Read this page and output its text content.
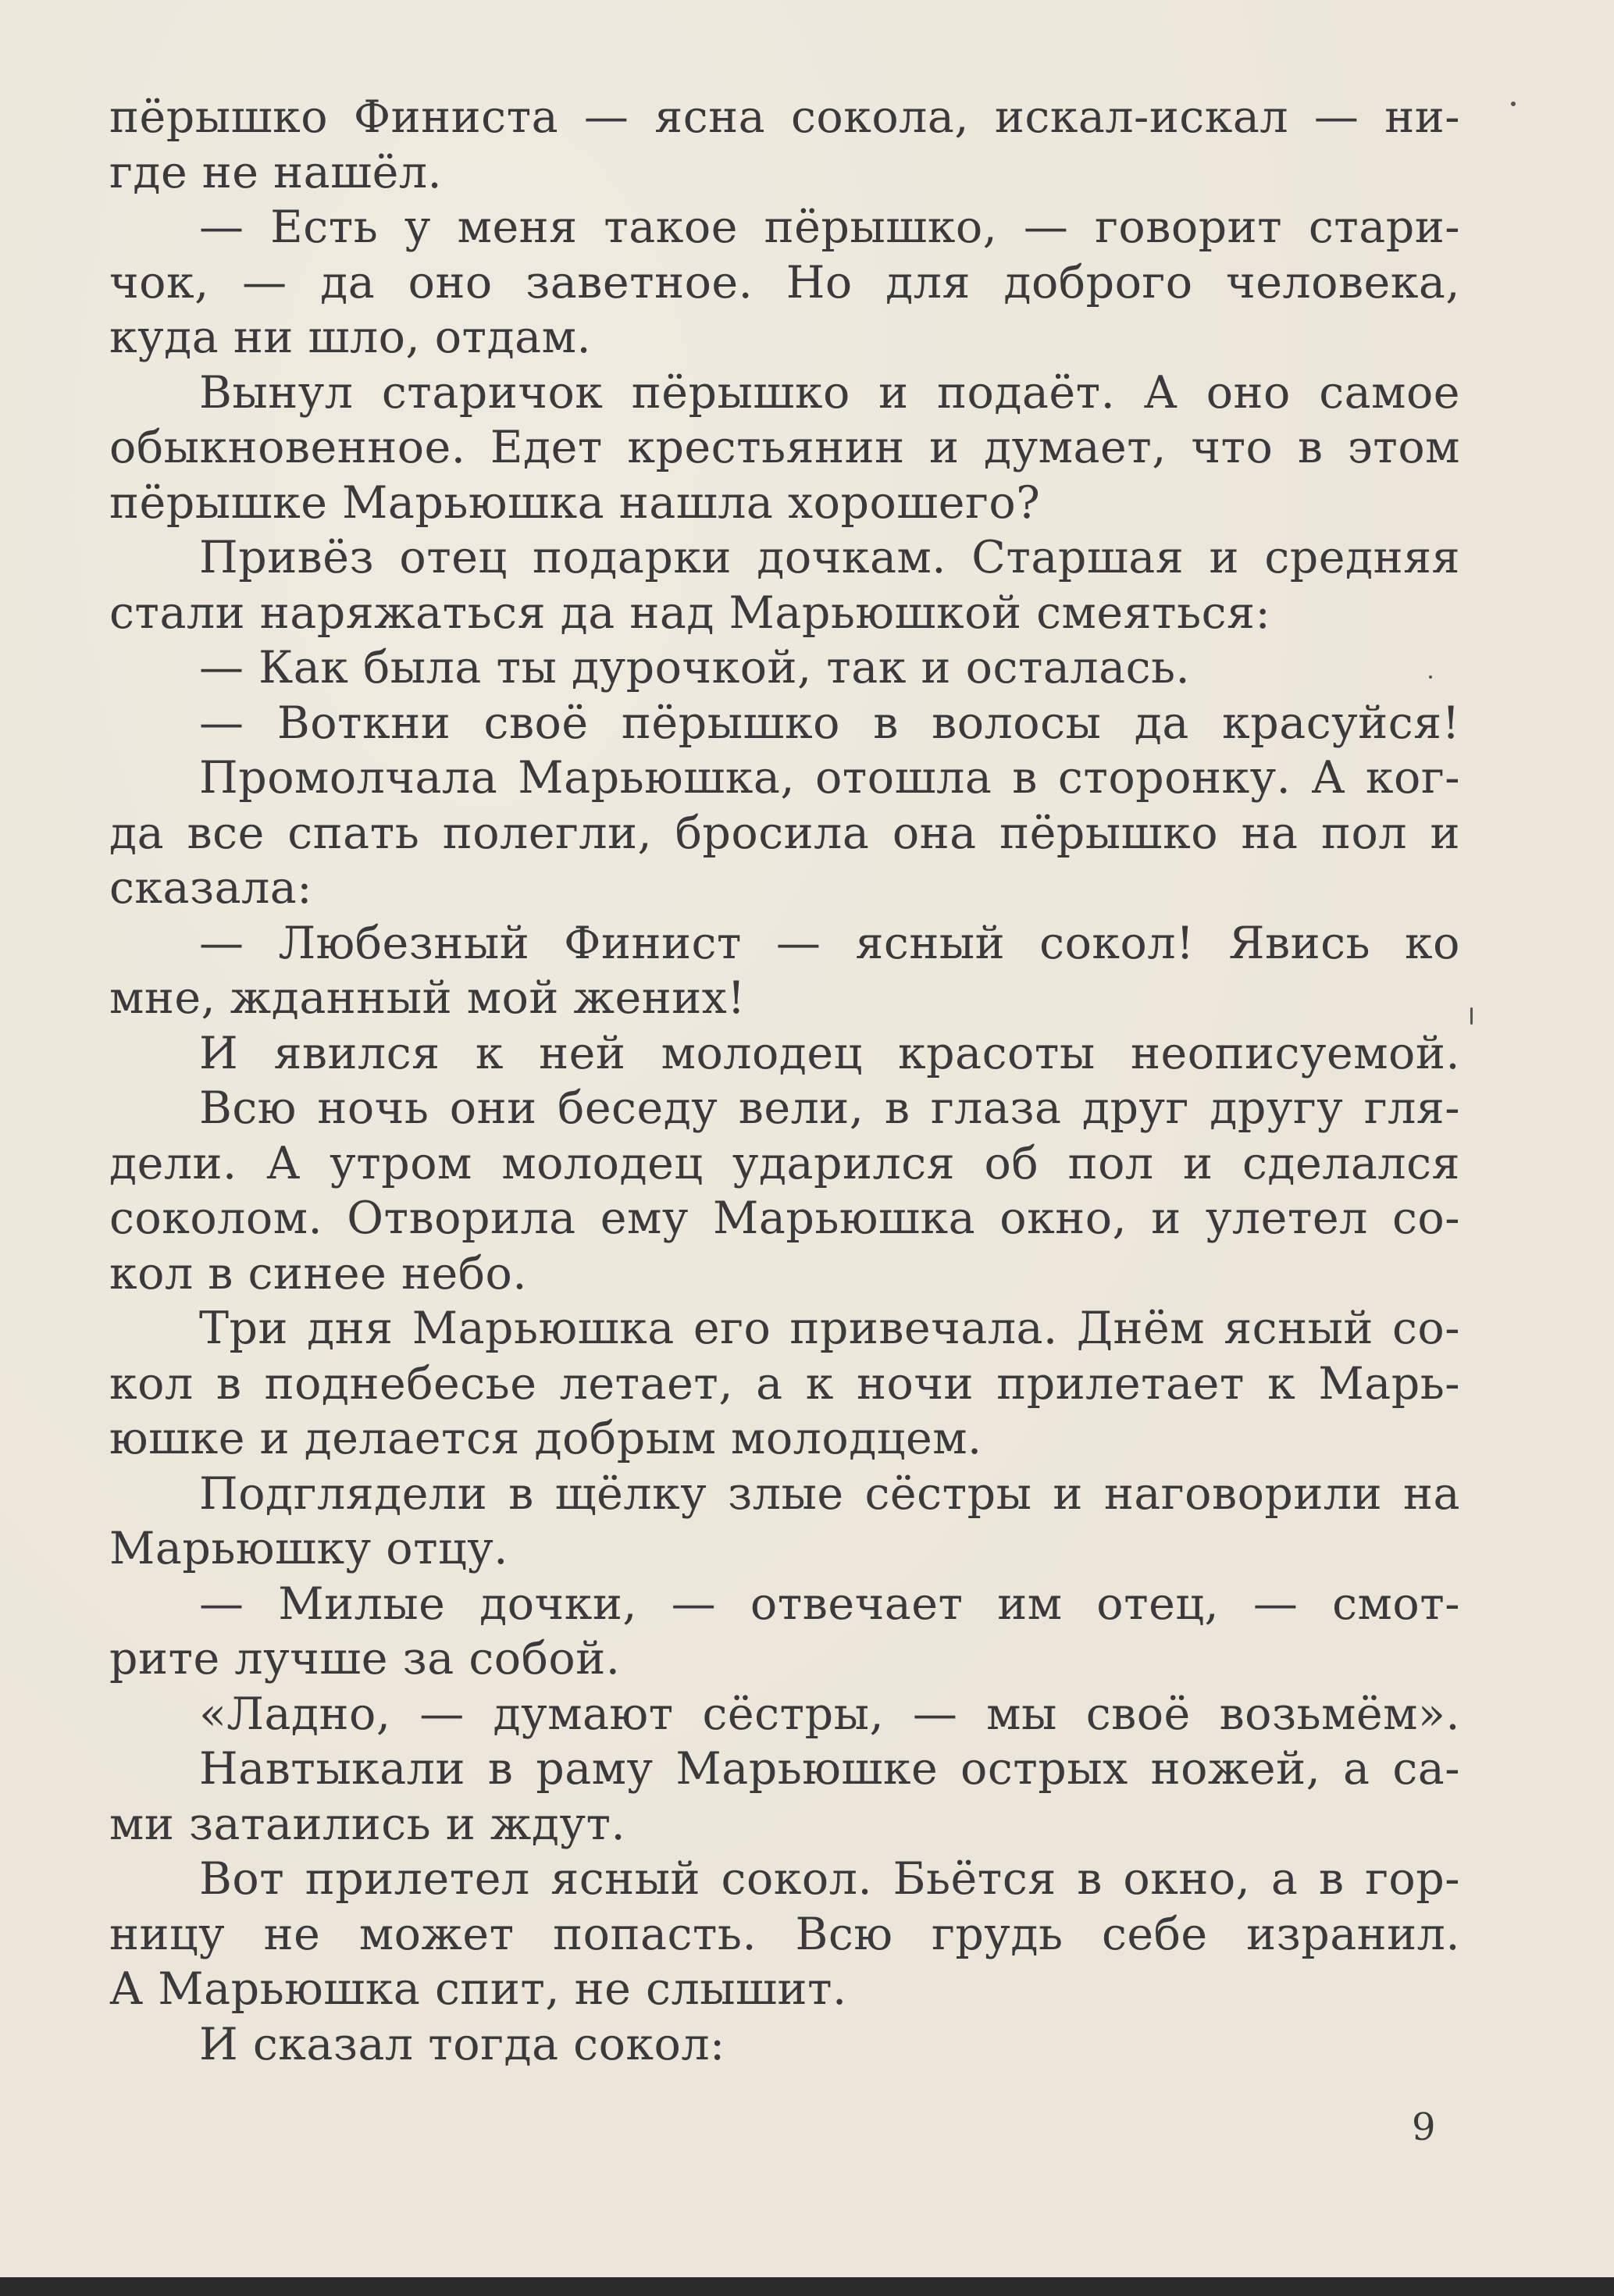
пёрышко Финиста — ясна сокола, искал-искал — ни-
где не нашёл.
— Есть у меня такое пёрышко, — говорит стари-
чок, — да оно заветное. Но для доброго человека,
куда ни шло, отдам.
Вынул старичок пёрышко и подаёт. А оно самое
обыкновенное. Едет крестьянин и думает, что в этом
пёрышке Марьюшка нашла хорошего?
Привёз отец подарки дочкам. Старшая и средняя
стали наряжаться да над Марьюшкой смеяться:
— Как была ты дурочкой, так и осталась.
— Воткни своё пёрышко в волосы да красуйся!
Промолчала Марьюшка, отошла в сторонку. А ког-
да все спать полегли, бросила она пёрышко на пол и
сказала:
— Любезный Финист — ясный сокол! Явись ко
мне, жданный мой жених!
И явился к ней молодец красоты неописуемой.
Всю ночь они беседу вели, в глаза друг другу гля-
дели. А утром молодец ударился об пол и сделался
соколом. Отворила ему Марьюшка окно, и улетел со-
кол в синее небо.
Три дня Марьюшка его привечала. Днём ясный со-
кол в поднебесье летает, а к ночи прилетает к Марь-
юшке и делается добрым молодцем.
Подглядели в щёлку злые сёстры и наговорили на
Марьюшку отцу.
— Милые дочки, — отвечает им отец, — смот-
рите лучше за собой.
«Ладно, — думают сёстры, — мы своё возьмём».
Навтыкали в раму Марьюшке острых ножей, а са-
ми затаились и ждут.
Вот прилетел ясный сокол. Бьётся в окно, а в гор-
ницу не может попасть. Всю грудь себе изранил.
А Марьюшка спит, не слышит.
И сказал тогда сокол:
9
